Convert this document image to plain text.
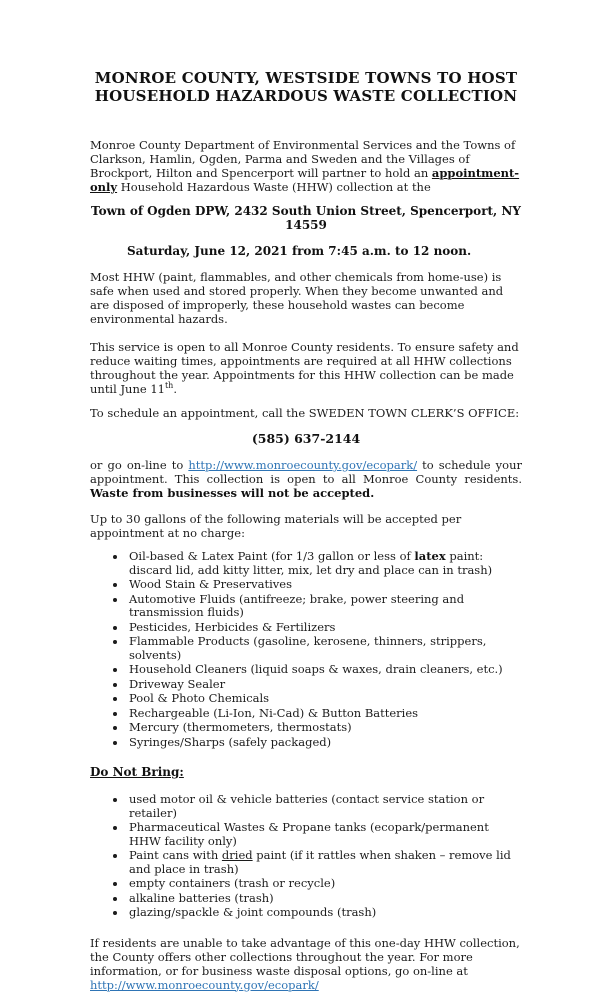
MONROE COUNTY, WESTSIDE TOWNS TO HOST
HOUSEHOLD HAZARDOUS WASTE COLLECTION

Monroe County Department of Environmental Services and the Towns of Clarkson, Hamlin, Ogden, Parma and Sweden and the Villages of Brockport, Hilton and Spencerport will partner to hold an appointment-only Household Hazardous Waste (HHW) collection at the

Town of Ogden DPW, 2432 South Union Street, Spencerport, NY 14559

Saturday, June 12, 2021 from 7:45 a.m. to 12 noon.

Most HHW (paint, flammables, and other chemicals from home-use) is safe when used and stored properly. When they become unwanted and are disposed of improperly, these household wastes can become environmental hazards.

This service is open to all Monroe County residents. To ensure safety and reduce waiting times, appointments are required at all HHW collections throughout the year. Appointments for this HHW collection can be made until June 11th.

To schedule an appointment, call the SWEDEN TOWN CLERK’S OFFICE:

(585) 637-2144

or go on-line to http://www.monroecounty.gov/ecopark/ to schedule your appointment. This collection is open to all Monroe County residents. Waste from businesses will not be accepted.

Up to 30 gallons of the following materials will be accepted per appointment at no charge:

• Oil-based & Latex Paint (for 1/3 gallon or less of latex paint: discard lid, add kitty litter, mix, let dry and place can in trash)
• Wood Stain & Preservatives
• Automotive Fluids (antifreeze; brake, power steering and transmission fluids)
• Pesticides, Herbicides & Fertilizers
• Flammable Products (gasoline, kerosene, thinners, strippers, solvents)
• Household Cleaners (liquid soaps & waxes, drain cleaners, etc.)
• Driveway Sealer
• Pool & Photo Chemicals
• Rechargeable (Li-Ion, Ni-Cad) & Button Batteries
• Mercury (thermometers, thermostats)
• Syringes/Sharps (safely packaged)

Do Not Bring:

• used motor oil & vehicle batteries (contact service station or retailer)
• Pharmaceutical Wastes & Propane tanks (ecopark/permanent HHW facility only)
• Paint cans with dried paint (if it rattles when shaken – remove lid and place in trash)
• empty containers (trash or recycle)
• alkaline batteries (trash)
• glazing/spackle & joint compounds (trash)

If residents are unable to take advantage of this one-day HHW collection, the County offers other collections throughout the year. For more information, or for business waste disposal options, go on-line at http://www.monroecounty.gov/ecopark/
